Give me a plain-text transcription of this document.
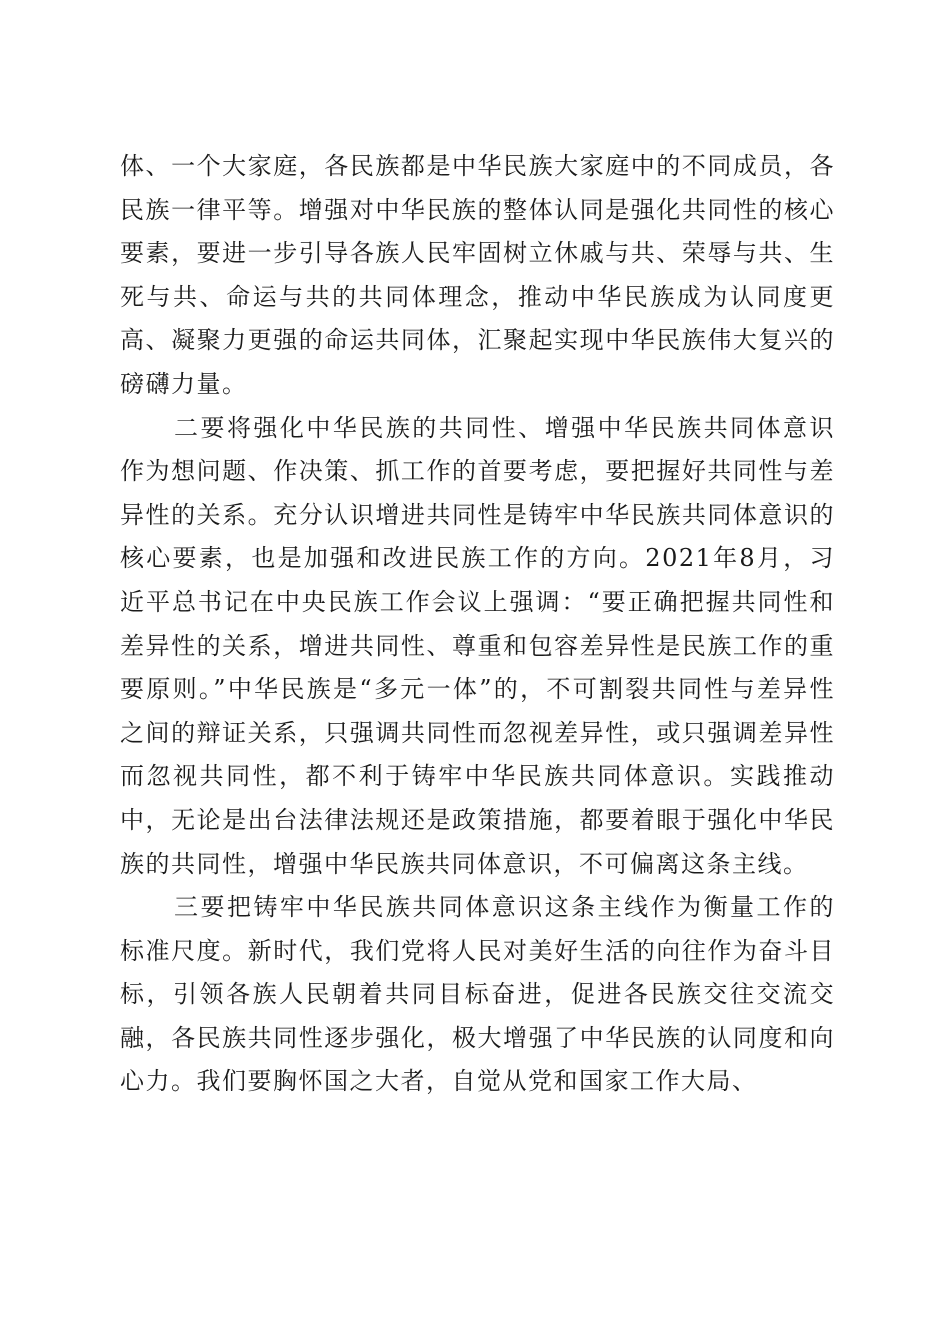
体、一个大家庭，各民族都是中华民族大家庭中的不同成员，各民族一律平等。增强对中华民族的整体认同是强化共同性的核心要素，要进一步引导各族人民牢固树立休戚与共、荣辱与共、生死与共、命运与共的共同体理念，推动中华民族成为认同度更高、凝聚力更强的命运共同体，汇聚起实现中华民族伟大复兴的磅礴力量。

二要将强化中华民族的共同性、增强中华民族共同体意识作为想问题、作决策、抓工作的首要考虑，要把握好共同性与差异性的关系。充分认识增进共同性是铸牢中华民族共同体意识的核心要素，也是加强和改进民族工作的方向。2021年8月，习近平总书记在中央民族工作会议上强调：“要正确把握共同性和差异性的关系，增进共同性、尊重和包容差异性是民族工作的重要原则。”中华民族是“多元一体”的，不可割裂共同性与差异性之间的辩证关系，只强调共同性而忽视差异性，或只强调差异性而忽视共同性，都不利于铸牢中华民族共同体意识。实践推动中，无论是出台法律法规还是政策措施，都要着眼于强化中华民族的共同性，增强中华民族共同体意识，不可偏离这条主线。

三要把铸牢中华民族共同体意识这条主线作为衡量工作的标准尺度。新时代，我们党将人民对美好生活的向往作为奋斗目标，引领各族人民朝着共同目标奋进，促进各民族交往交流交融，各民族共同性逐步强化，极大增强了中华民族的认同度和向心力。我们要胸怀国之大者，自觉从党和国家工作大局、
